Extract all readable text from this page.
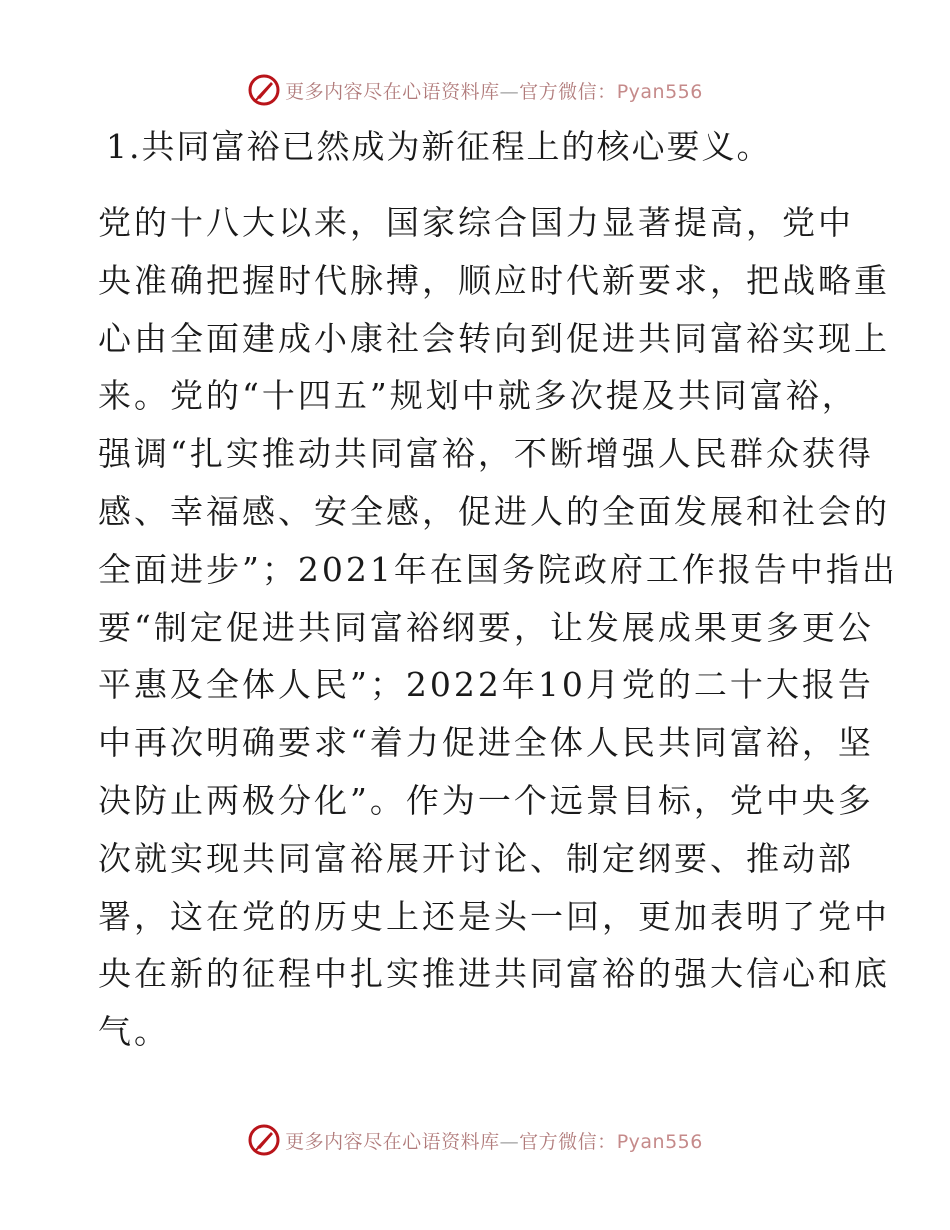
更多内容尽在心语资料库—官方微信：Pyan556
1.共同富裕已然成为新征程上的核心要义。
党的十八大以来，国家综合国力显著提高，党中
央准确把握时代脉搏，顺应时代新要求，把战略重
心由全面建成小康社会转向到促进共同富裕实现上
来。党的“十四五”规划中就多次提及共同富裕，
强调“扎实推动共同富裕，不断增强人民群众获得
感、幸福感、安全感，促进人的全面发展和社会的
全面进步”；2021年在国务院政府工作报告中指出
要“制定促进共同富裕纲要，让发展成果更多更公
平惠及全体人民”；2022年10月党的二十大报告
中再次明确要求“着力促进全体人民共同富裕，坚
决防止两极分化”。作为一个远景目标，党中央多
次就实现共同富裕展开讨论、制定纲要、推动部
署，这在党的历史上还是头一回，更加表明了党中
央在新的征程中扎实推进共同富裕的强大信心和底
气。
更多内容尽在心语资料库—官方微信：Pyan556
